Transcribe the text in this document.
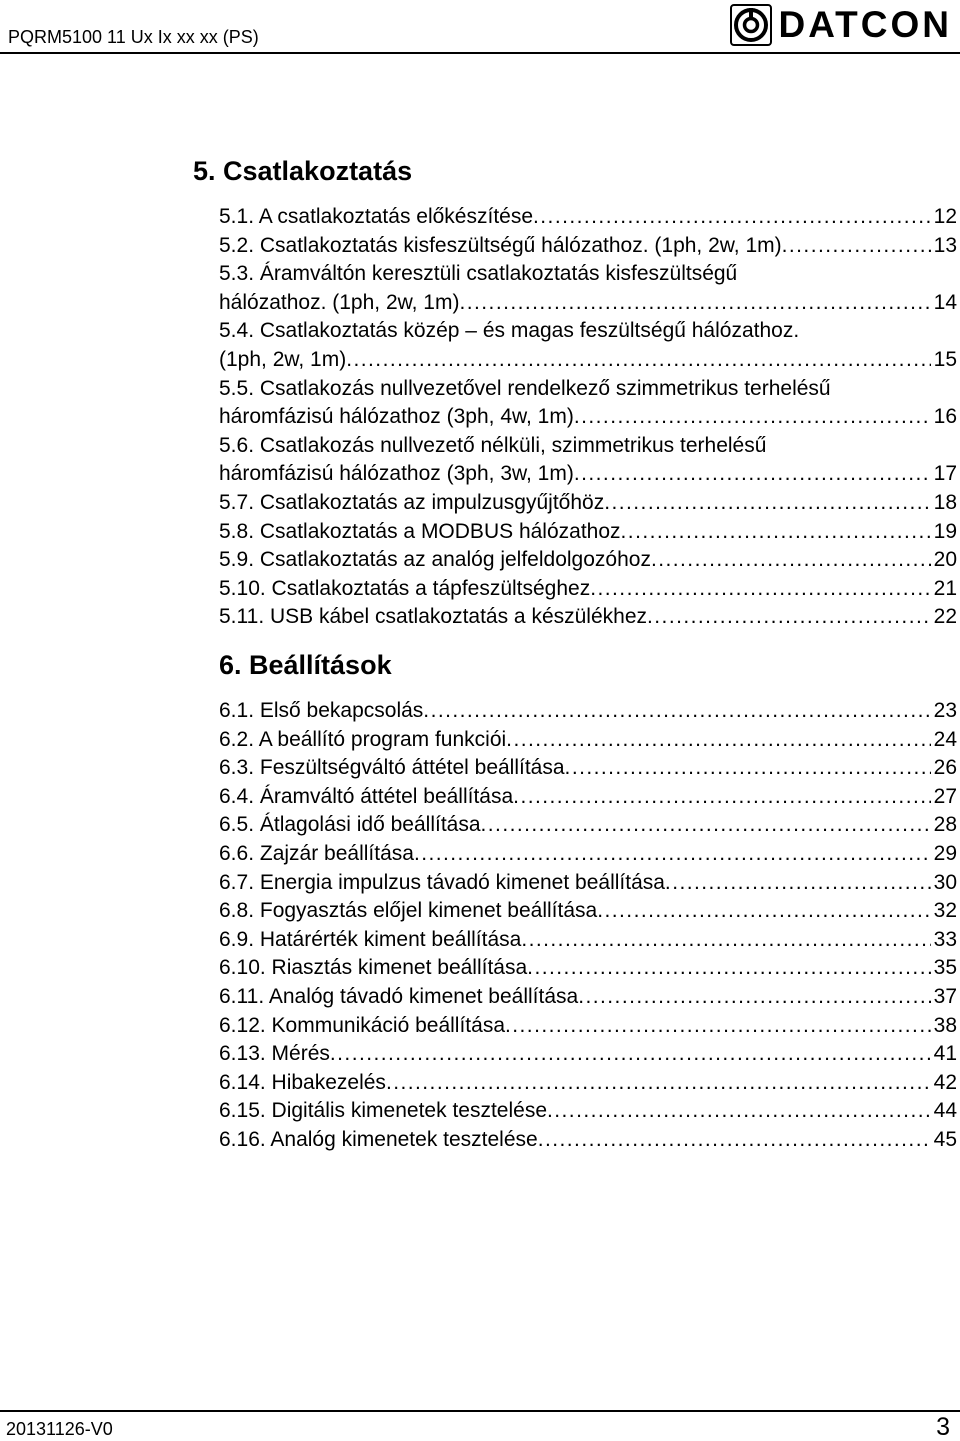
PQRM5100 11 Ux Ix xx xx (PS)	DATCON
5. Csatlakoztatás
5.1. A csatlakoztatás előkészítése . . .	12
5.2. Csatlakoztatás kisfeszültségű hálózathoz. (1ph, 2w, 1m) . . .	13
5.3. Áramváltón keresztüli csatlakoztatás kisfeszültségű
hálózathoz. (1ph, 2w, 1m) . . .	14
5.4. Csatlakoztatás közép – és magas feszültségű hálózathoz.
(1ph, 2w, 1m) . . .	15
5.5. Csatlakozás nullvezetővel rendelkező szimmetrikus terhelésű
háromfázisú hálózathoz (3ph, 4w, 1m) . . .	16
5.6. Csatlakozás nullvezető nélküli, szimmetrikus terhelésű
háromfázisú hálózathoz (3ph, 3w, 1m) . . .	17
5.7. Csatlakoztatás az impulzusgyűjtőhöz . . .	18
5.8. Csatlakoztatás a MODBUS hálózathoz . . .	19
5.9. Csatlakoztatás az analóg jelfeldolgozóhoz . . .	20
5.10. Csatlakoztatás a tápfeszültséghez . . .	21
5.11. USB kábel csatlakoztatás a készülékhez . . .	22
6. Beállítások
6.1. Első bekapcsolás . . .	23
6.2. A beállító program funkciói . . .	24
6.3. Feszültségváltó áttétel beállítása . . .	26
6.4. Áramváltó áttétel beállítása . . .	27
6.5. Átlagolási idő beállítása . . .	28
6.6. Zajzár beállítása . . .	29
6.7. Energia impulzus távadó kimenet beállítása . . .	30
6.8. Fogyasztás előjel kimenet beállítása . . .	32
6.9. Határérték kiment beállítása . . .	33
6.10. Riasztás kimenet beállítása . . .	35
6.11. Analóg távadó kimenet beállítása . . .	37
6.12. Kommunikáció beállítása . . .	38
6.13. Mérés . . .	41
6.14. Hibakezelés . . .	42
6.15. Digitális kimenetek tesztelése . . .	44
6.16. Analóg kimenetek tesztelése . . .	45
20131126-V0	3
